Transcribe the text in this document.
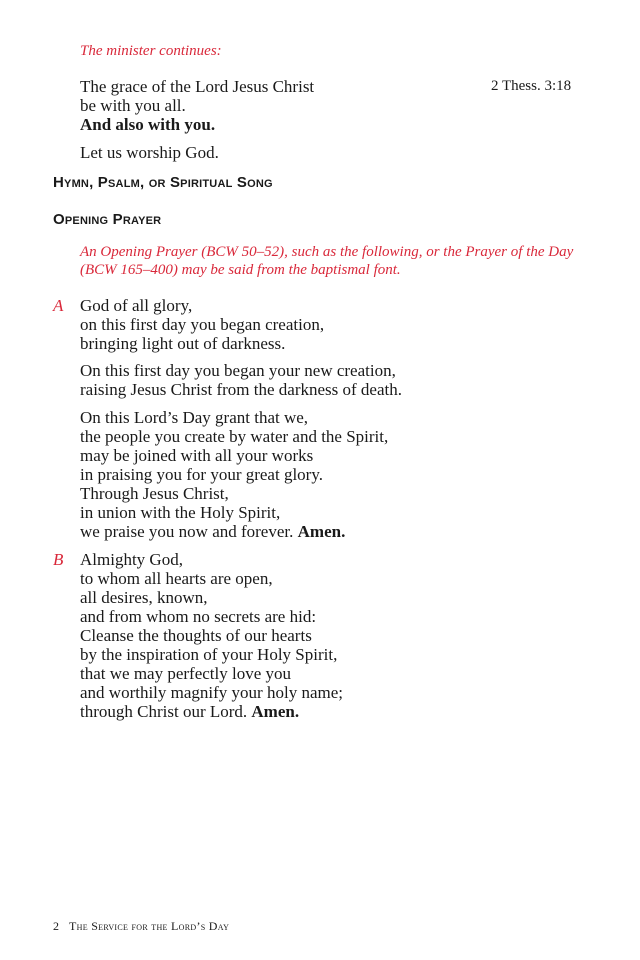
The minister continues:
The grace of the Lord Jesus Christ
be with you all.
And also with you.
2 Thess. 3:18
Let us worship God.
Hymn, Psalm, or Spiritual Song
Opening Prayer
An Opening Prayer (BCW 50–52), such as the following, or the Prayer of the Day
(BCW 165–400) may be said from the baptismal font.
A God of all glory,
on this first day you began creation,
bringing light out of darkness.
On this first day you began your new creation,
raising Jesus Christ from the darkness of death.
On this Lord’s Day grant that we,
the people you create by water and the Spirit,
may be joined with all your works
in praising you for your great glory.
Through Jesus Christ,
in union with the Holy Spirit,
we praise you now and forever. Amen.
B Almighty God,
to whom all hearts are open,
all desires, known,
and from whom no secrets are hid:
Cleanse the thoughts of our hearts
by the inspiration of your Holy Spirit,
that we may perfectly love you
and worthily magnify your holy name;
through Christ our Lord. Amen.
2 The Service for the Lord’s Day
